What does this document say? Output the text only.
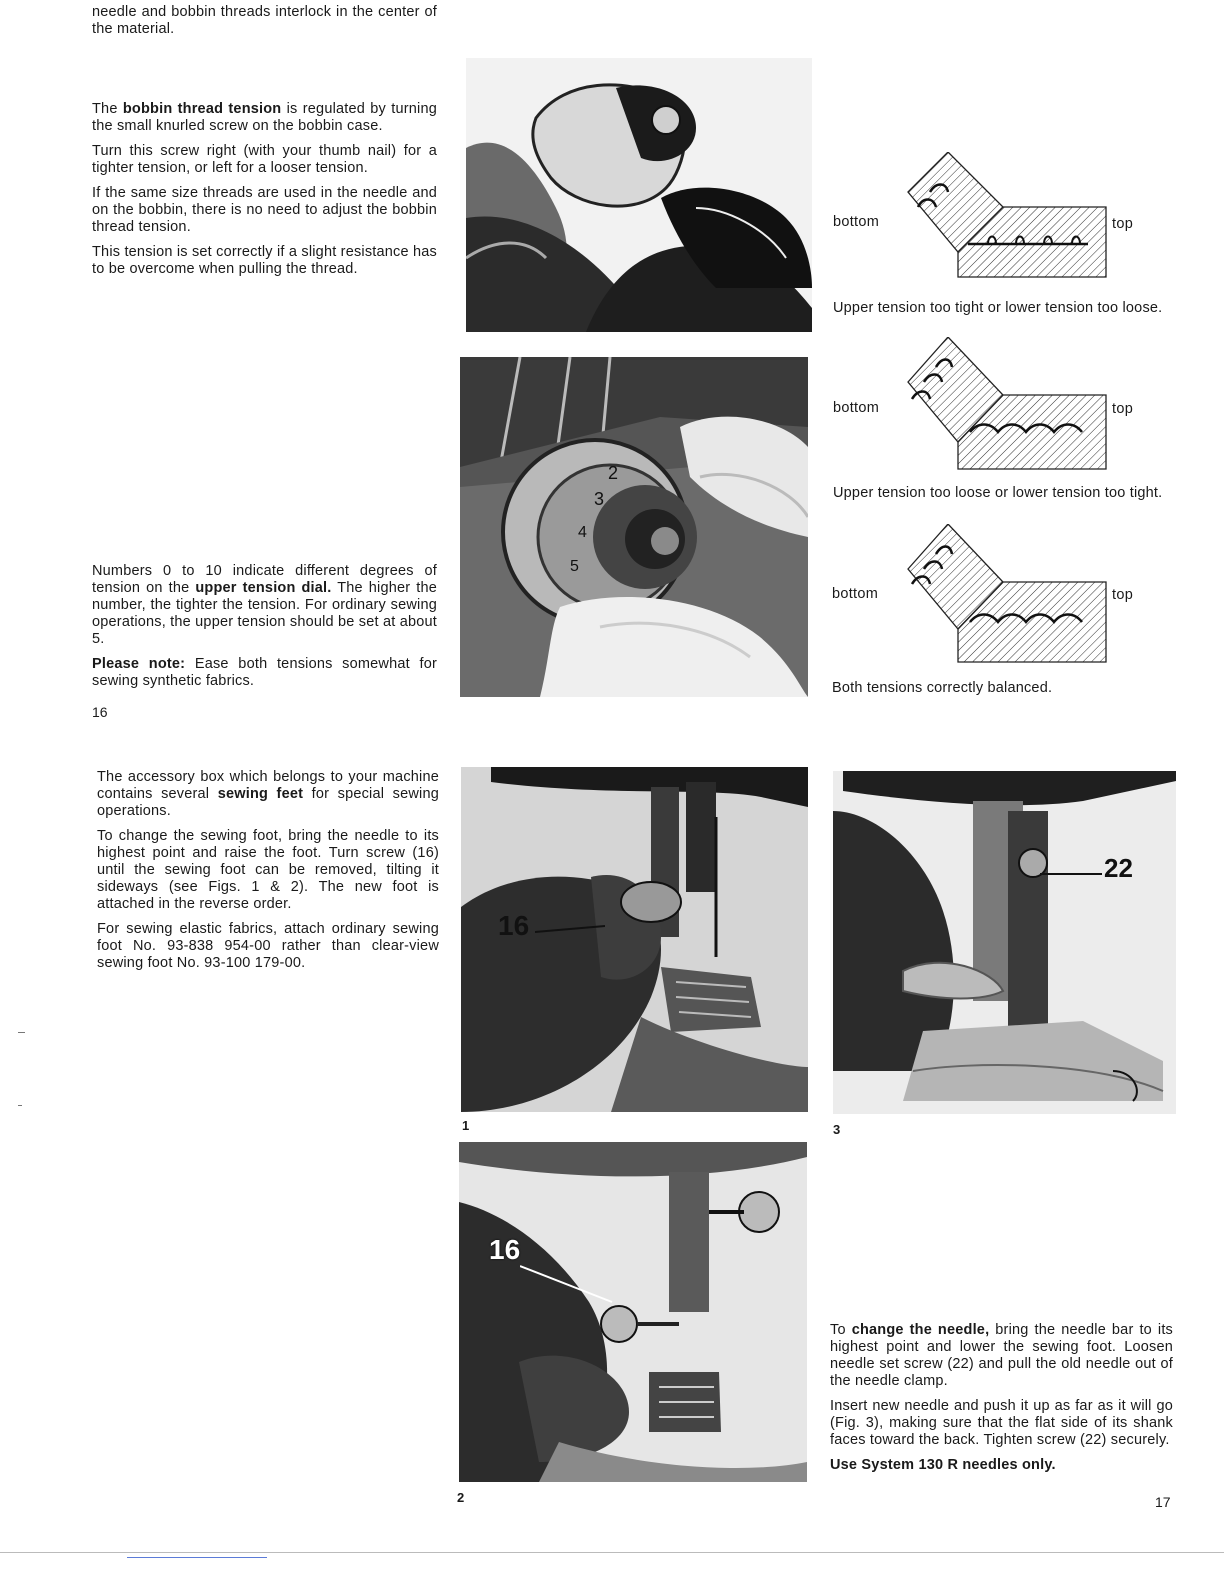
needle and bobbin threads interlock in the center of the material.

The bobbin thread tension is regulated by turning the small knurled screw on the bobbin case.

Turn this screw right (with your thumb nail) for a tighter tension, or left for a looser tension.

If the same size threads are used in the needle and on the bobbin, there is no need to adjust the bobbin thread tension.

This tension is set correctly if a slight resistance has to be overcome when pulling the thread.

Numbers 0 to 10 indicate different degrees of tension on the upper tension dial. The higher the number, the tighter the tension. For ordinary sewing operations, the upper tension should be set at about 5.

Please note: Ease both tensions somewhat for sewing synthetic fabrics.

16
2
3
4
5
bottom	top
Upper tension too tight or lower tension too loose.
bottom	top
Upper tension too loose or lower tension too tight.
bottom	top
Both tensions correctly balanced.

The accessory box which belongs to your machine contains several sewing feet for special sewing operations.

To change the sewing foot, bring the needle to its highest point and raise the foot. Turn screw (16) until the sewing foot can be removed, tilting it sideways (see Figs. 1 & 2). The new foot is attached in the reverse order.

For sewing elastic fabrics, attach ordinary sewing foot No. 93-838 954-00 rather than clear-view sewing foot No. 93-100 179-00.

16
1
22
3
16
2

To change the needle, bring the needle bar to its highest point and lower the sewing foot. Loosen needle set screw (22) and pull the old needle out of the needle clamp.

Insert new needle and push it up as far as it will go (Fig. 3), making sure that the flat side of its shank faces toward the back. Tighten screw (22) securely.

Use System 130 R needles only.

17
